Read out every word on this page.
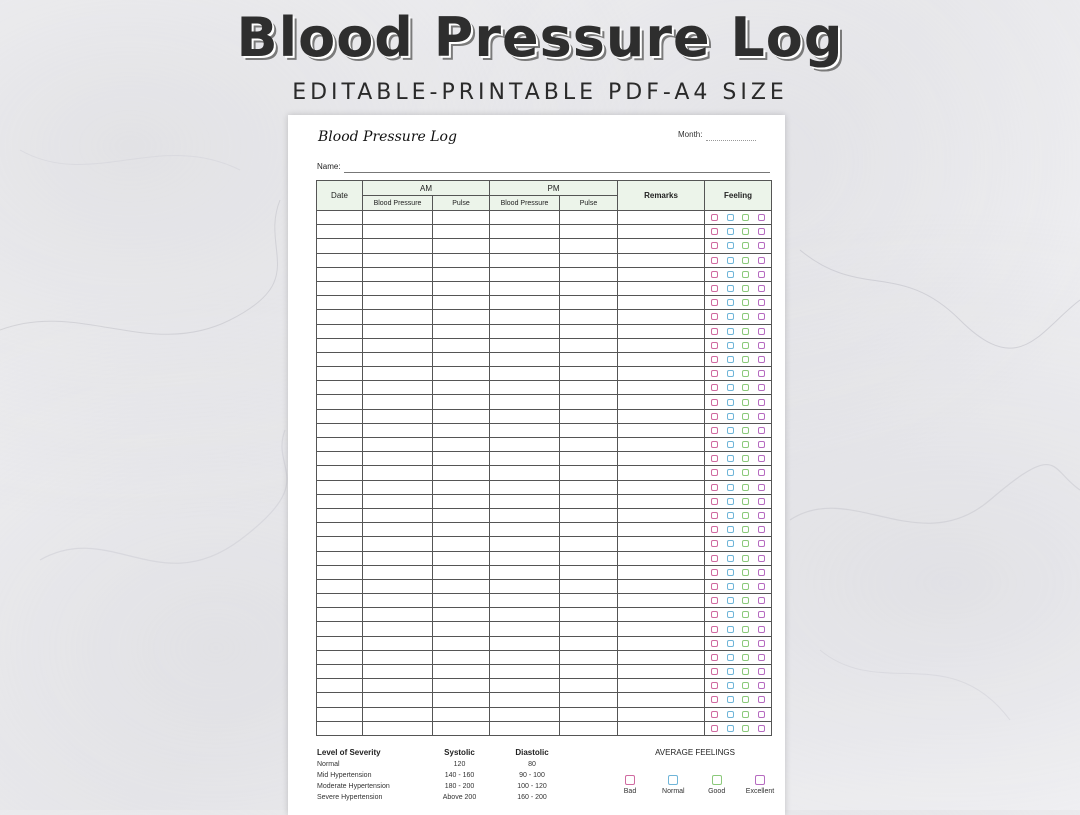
Blood Pressure Log
EDITABLE-PRINTABLE PDF-A4 SIZE
Blood Pressure Log	Month:
Name:
Date	AM		PM		Remarks	Feeling
	Blood Pressure	Pulse	Blood Pressure	Pulse		

Level of Severity	Systolic	Diastolic
Normal	120	80
Mid Hypertension	140 - 160	90 - 100
Moderate Hypertension	180 - 200	100 - 120
Severe Hypertension	Above 200	160 - 200
AVERAGE FEELINGS
Bad	Normal	Good	Excellent
